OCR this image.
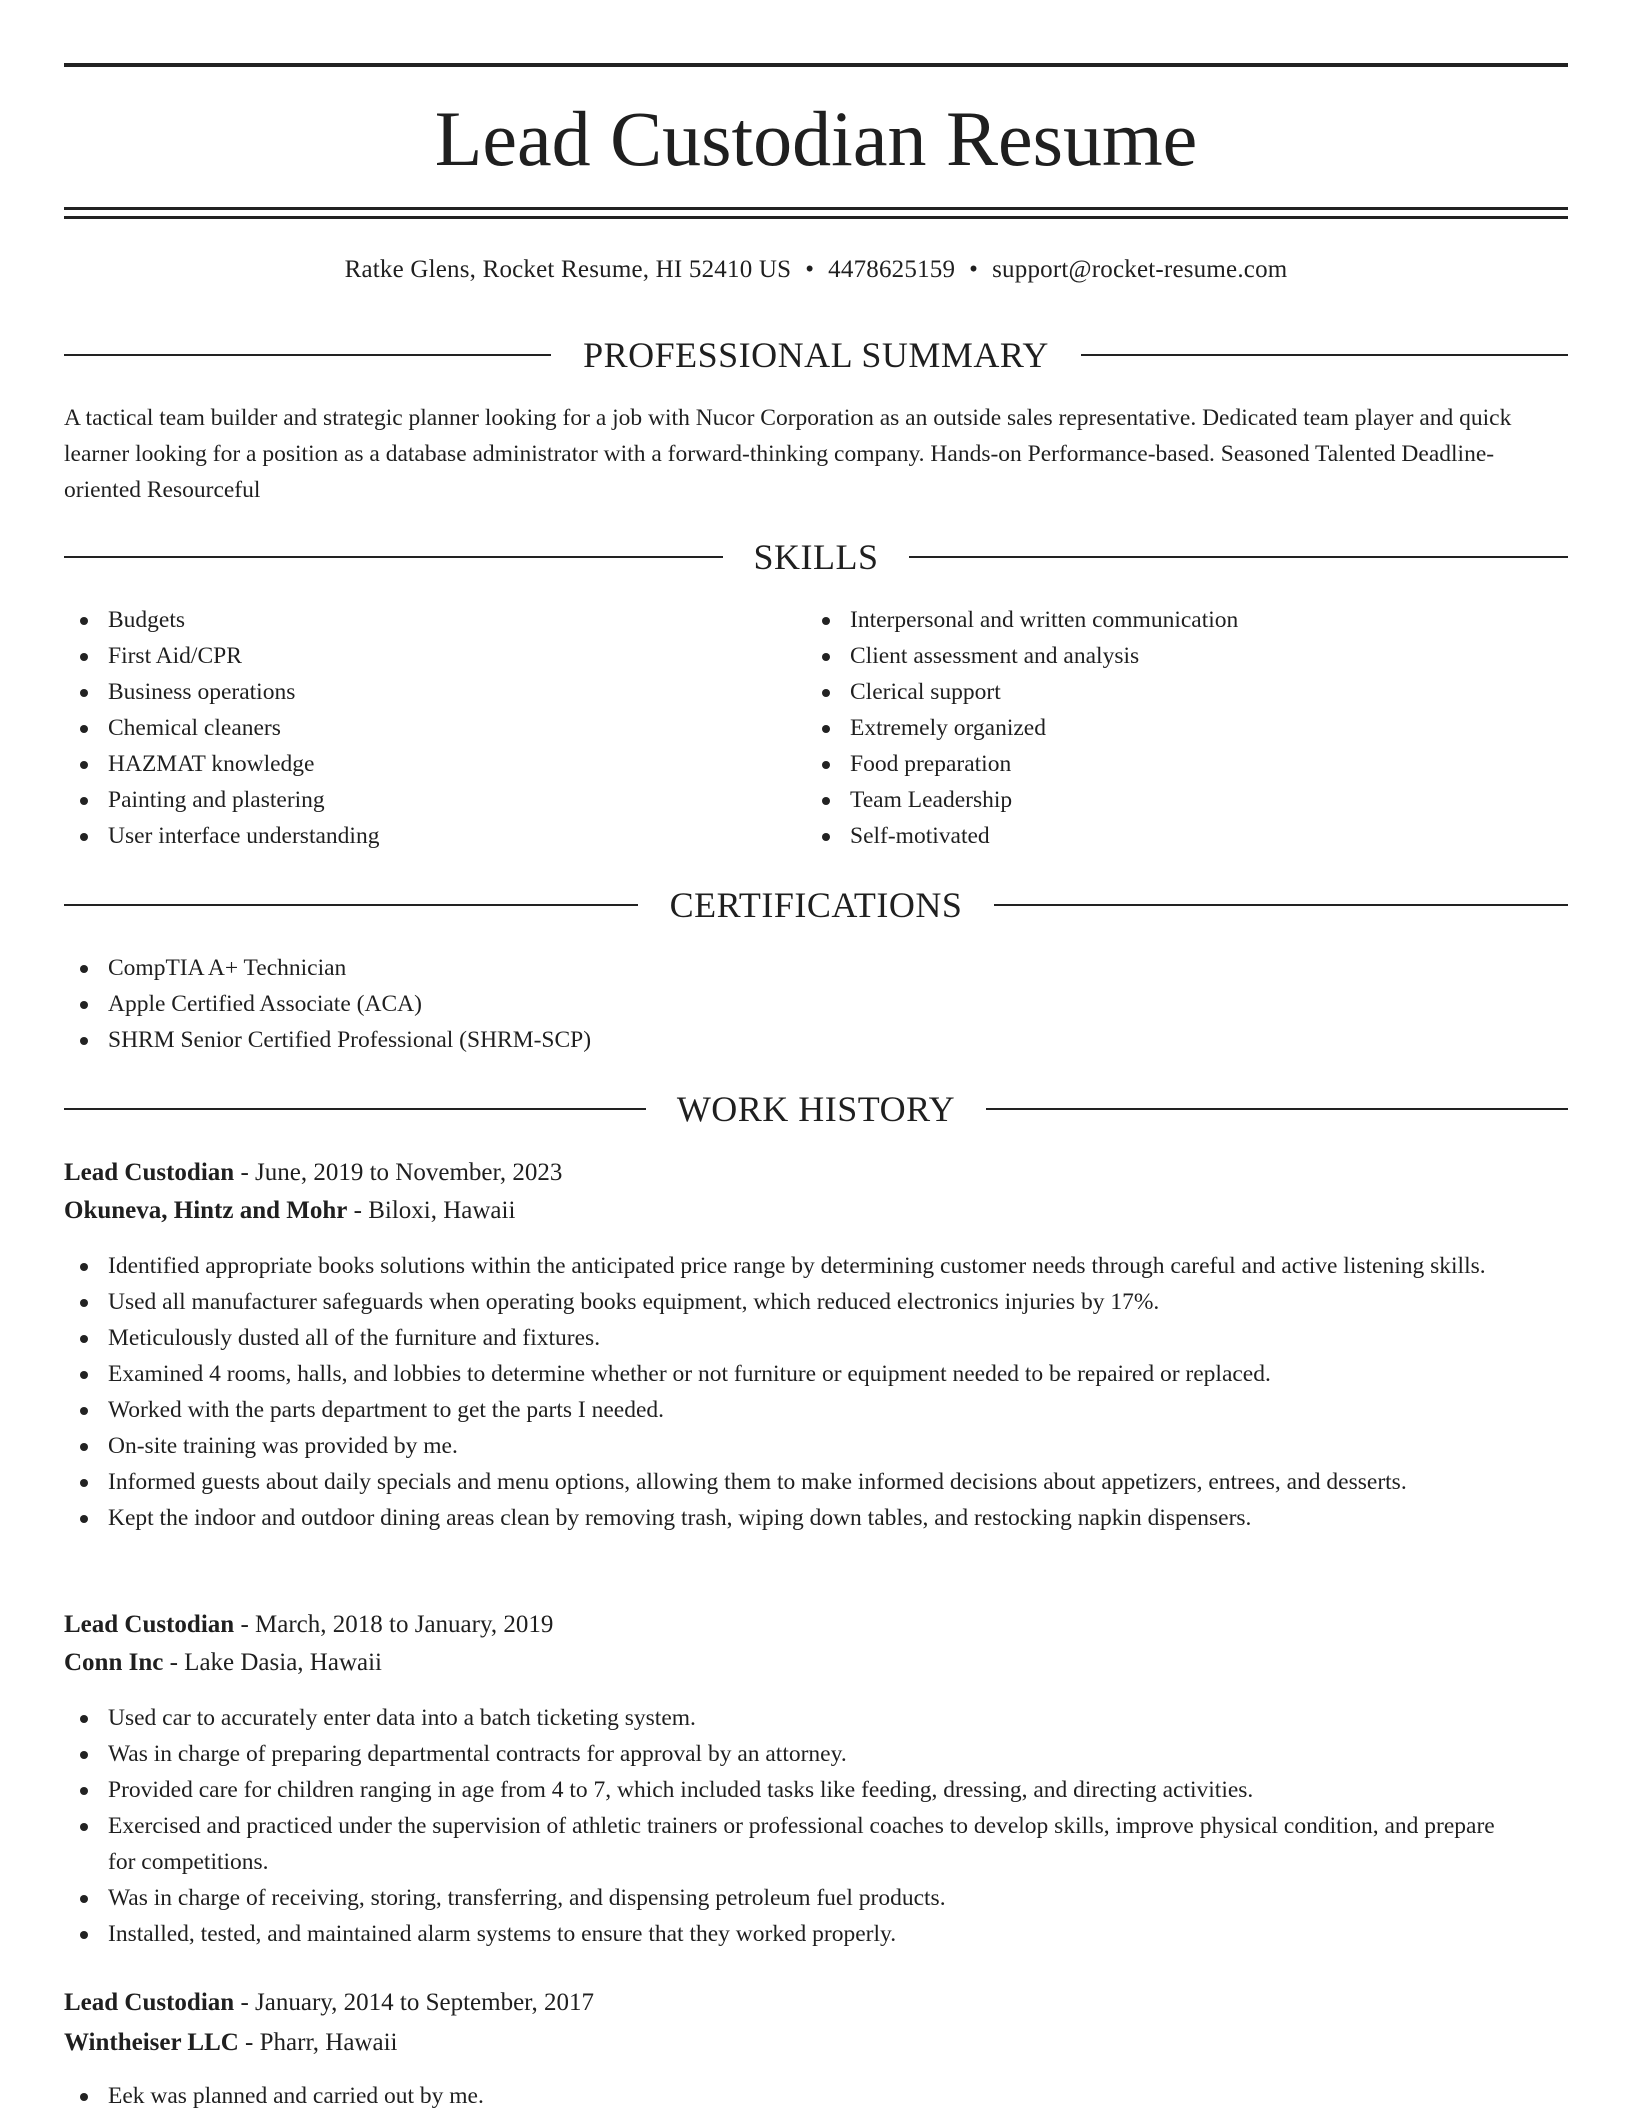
Lead Custodian Resume
Ratke Glens, Rocket Resume, HI 52410 US • 4478625159 • support@rocket-resume.com
PROFESSIONAL SUMMARY
A tactical team builder and strategic planner looking for a job with Nucor Corporation as an outside sales representative. Dedicated team player and quick learner looking for a position as a database administrator with a forward-thinking company. Hands-on Performance-based. Seasoned Talented Deadline-oriented Resourceful
SKILLS
Budgets
First Aid/CPR
Business operations
Chemical cleaners
HAZMAT knowledge
Painting and plastering
User interface understanding
Interpersonal and written communication
Client assessment and analysis
Clerical support
Extremely organized
Food preparation
Team Leadership
Self-motivated
CERTIFICATIONS
CompTIA A+ Technician
Apple Certified Associate (ACA)
SHRM Senior Certified Professional (SHRM-SCP)
WORK HISTORY
Lead Custodian - June, 2019 to November, 2023
Okuneva, Hintz and Mohr - Biloxi, Hawaii
Identified appropriate books solutions within the anticipated price range by determining customer needs through careful and active listening skills.
Used all manufacturer safeguards when operating books equipment, which reduced electronics injuries by 17%.
Meticulously dusted all of the furniture and fixtures.
Examined 4 rooms, halls, and lobbies to determine whether or not furniture or equipment needed to be repaired or replaced.
Worked with the parts department to get the parts I needed.
On-site training was provided by me.
Informed guests about daily specials and menu options, allowing them to make informed decisions about appetizers, entrees, and desserts.
Kept the indoor and outdoor dining areas clean by removing trash, wiping down tables, and restocking napkin dispensers.
Lead Custodian - March, 2018 to January, 2019
Conn Inc - Lake Dasia, Hawaii
Used car to accurately enter data into a batch ticketing system.
Was in charge of preparing departmental contracts for approval by an attorney.
Provided care for children ranging in age from 4 to 7, which included tasks like feeding, dressing, and directing activities.
Exercised and practiced under the supervision of athletic trainers or professional coaches to develop skills, improve physical condition, and prepare for competitions.
Was in charge of receiving, storing, transferring, and dispensing petroleum fuel products.
Installed, tested, and maintained alarm systems to ensure that they worked properly.
Lead Custodian - January, 2014 to September, 2017
Wintheiser LLC - Pharr, Hawaii
Eek was planned and carried out by me.
